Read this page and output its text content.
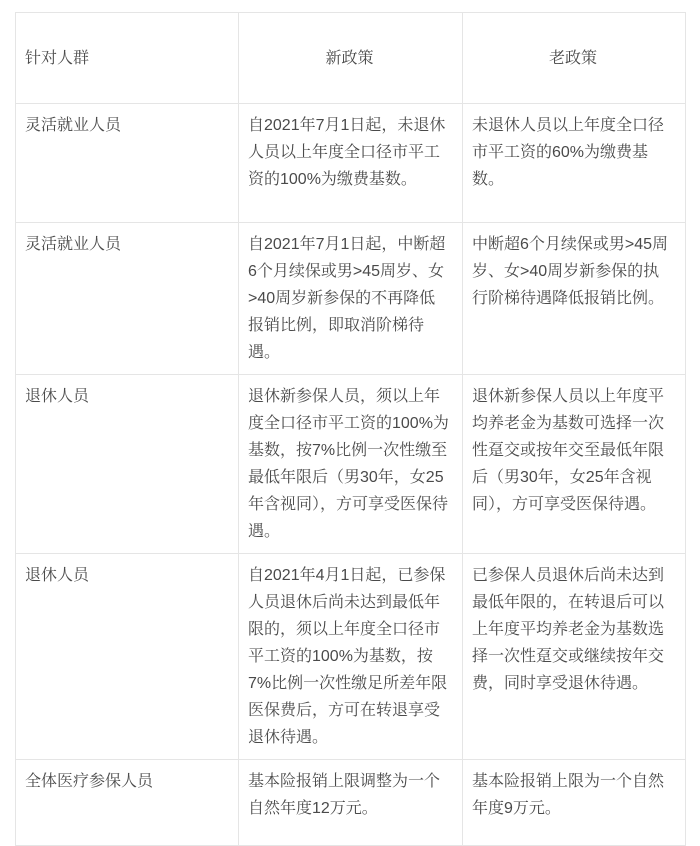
针对人群	新政策	老政策
灵活就业人员	自2021年7月1日起，未退休人员以上年度全口径市平工资的100%为缴费基数。	未退休人员以上年度全口径市平工资的60%为缴费基数。
灵活就业人员	自2021年7月1日起，中断超6个月续保或男>45周岁、女>40周岁新参保的不再降低报销比例，即取消阶梯待遇。	中断超6个月续保或男>45周岁、女>40周岁新参保的执行阶梯待遇降低报销比例。
退休人员	退休新参保人员，须以上年度全口径市平工资的100%为基数，按7%比例一次性缴至最低年限后（男30年，女25年含视同），方可享受医保待遇。	退休新参保人员以上年度平均养老金为基数可选择一次性趸交或按年交至最低年限后（男30年，女25年含视同），方可享受医保待遇。
退休人员	自2021年4月1日起，已参保人员退休后尚未达到最低年限的，须以上年度全口径市平工资的100%为基数，按7%比例一次性缴足所差年限医保费后，方可在转退享受退休待遇。	已参保人员退休后尚未达到最低年限的，在转退后可以上年度平均养老金为基数选择一次性趸交或继续按年交费，同时享受退休待遇。
全体医疗参保人员	基本险报销上限调整为一个自然年度12万元。	基本险报销上限为一个自然年度9万元。
